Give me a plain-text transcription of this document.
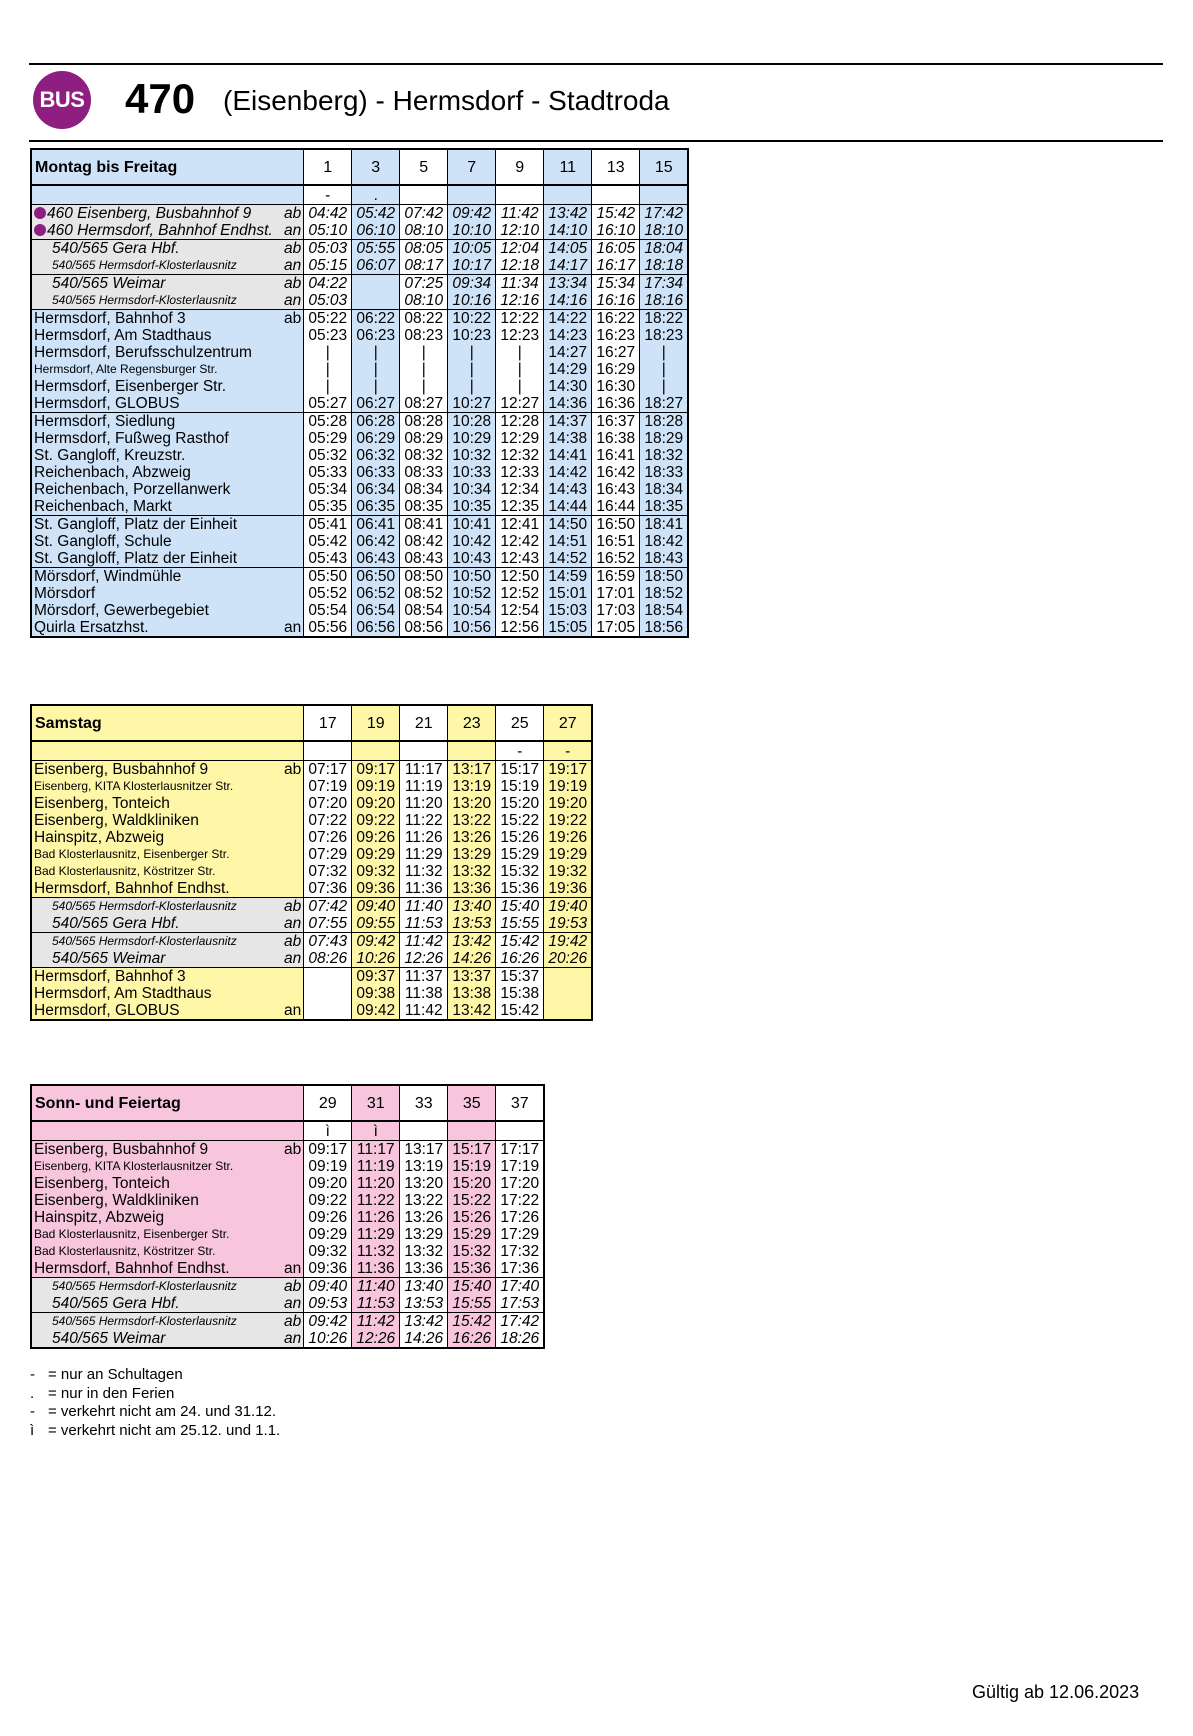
BUS 470 (Eisenberg) - Hermsdorf - Stadtroda
Montag bis Freitag		1	3	5	7	9	11	13	15
		-	.						
460 Eisenberg, Busbahnhof 9	ab	04:42	05:42	07:42	09:42	11:42	13:42	15:42	17:42
460 Hermsdorf, Bahnhof Endhst.	an	05:10	06:10	08:10	10:10	12:10	14:10	16:10	18:10
540/565 Gera Hbf.	ab	05:03	05:55	08:05	10:05	12:04	14:05	16:05	18:04
540/565 Hermsdorf-Klosterlausnitz	an	05:15	06:07	08:17	10:17	12:18	14:17	16:17	18:18
540/565 Weimar	ab	04:22		07:25	09:34	11:34	13:34	15:34	17:34
540/565 Hermsdorf-Klosterlausnitz	an	05:03		08:10	10:16	12:16	14:16	16:16	18:16
Hermsdorf, Bahnhof 3	ab	05:22	06:22	08:22	10:22	12:22	14:22	16:22	18:22
Hermsdorf, Am Stadthaus		05:23	06:23	08:23	10:23	12:23	14:23	16:23	18:23
Hermsdorf, Berufsschulzentrum		|	|	|	|	|	14:27	16:27	|
Hermsdorf, Alte Regensburger Str.		|	|	|	|	|	14:29	16:29	|
Hermsdorf, Eisenberger Str.		|	|	|	|	|	14:30	16:30	|
Hermsdorf, GLOBUS		05:27	06:27	08:27	10:27	12:27	14:36	16:36	18:27
Hermsdorf, Siedlung		05:28	06:28	08:28	10:28	12:28	14:37	16:37	18:28
Hermsdorf, Fußweg Rasthof		05:29	06:29	08:29	10:29	12:29	14:38	16:38	18:29
St. Gangloff, Kreuzstr.		05:32	06:32	08:32	10:32	12:32	14:41	16:41	18:32
Reichenbach, Abzweig		05:33	06:33	08:33	10:33	12:33	14:42	16:42	18:33
Reichenbach, Porzellanwerk		05:34	06:34	08:34	10:34	12:34	14:43	16:43	18:34
Reichenbach, Markt		05:35	06:35	08:35	10:35	12:35	14:44	16:44	18:35
St. Gangloff, Platz der Einheit		05:41	06:41	08:41	10:41	12:41	14:50	16:50	18:41
St. Gangloff, Schule		05:42	06:42	08:42	10:42	12:42	14:51	16:51	18:42
St. Gangloff, Platz der Einheit		05:43	06:43	08:43	10:43	12:43	14:52	16:52	18:43
Mörsdorf, Windmühle		05:50	06:50	08:50	10:50	12:50	14:59	16:59	18:50
Mörsdorf		05:52	06:52	08:52	10:52	12:52	15:01	17:01	18:52
Mörsdorf, Gewerbegebiet		05:54	06:54	08:54	10:54	12:54	15:03	17:03	18:54
Quirla Ersatzhst.	an	05:56	06:56	08:56	10:56	12:56	15:05	17:05	18:56
Samstag		17	19	21	23	25	27
						-	-
Eisenberg, Busbahnhof 9	ab	07:17	09:17	11:17	13:17	15:17	19:17
Eisenberg, KITA Klosterlausnitzer Str.		07:19	09:19	11:19	13:19	15:19	19:19
Eisenberg, Tonteich		07:20	09:20	11:20	13:20	15:20	19:20
Eisenberg, Waldkliniken		07:22	09:22	11:22	13:22	15:22	19:22
Hainspitz, Abzweig		07:26	09:26	11:26	13:26	15:26	19:26
Bad Klosterlausnitz, Eisenberger Str.		07:29	09:29	11:29	13:29	15:29	19:29
Bad Klosterlausnitz, Köstritzer Str.		07:32	09:32	11:32	13:32	15:32	19:32
Hermsdorf, Bahnhof Endhst.		07:36	09:36	11:36	13:36	15:36	19:36
540/565 Hermsdorf-Klosterlausnitz	ab	07:42	09:40	11:40	13:40	15:40	19:40
540/565 Gera Hbf.	an	07:55	09:55	11:53	13:53	15:55	19:53
540/565 Hermsdorf-Klosterlausnitz	ab	07:43	09:42	11:42	13:42	15:42	19:42
540/565 Weimar	an	08:26	10:26	12:26	14:26	16:26	20:26
Hermsdorf, Bahnhof 3			09:37	11:37	13:37	15:37	
Hermsdorf, Am Stadthaus			09:38	11:38	13:38	15:38	
Hermsdorf, GLOBUS	an		09:42	11:42	13:42	15:42	
Sonn- und Feiertag		29	31	33	35	37
		ì	ì			
Eisenberg, Busbahnhof 9	ab	09:17	11:17	13:17	15:17	17:17
Eisenberg, KITA Klosterlausnitzer Str.		09:19	11:19	13:19	15:19	17:19
Eisenberg, Tonteich		09:20	11:20	13:20	15:20	17:20
Eisenberg, Waldkliniken		09:22	11:22	13:22	15:22	17:22
Hainspitz, Abzweig		09:26	11:26	13:26	15:26	17:26
Bad Klosterlausnitz, Eisenberger Str.		09:29	11:29	13:29	15:29	17:29
Bad Klosterlausnitz, Köstritzer Str.		09:32	11:32	13:32	15:32	17:32
Hermsdorf, Bahnhof Endhst.	an	09:36	11:36	13:36	15:36	17:36
540/565 Hermsdorf-Klosterlausnitz	ab	09:40	11:40	13:40	15:40	17:40
540/565 Gera Hbf.	an	09:53	11:53	13:53	15:55	17:53
540/565 Hermsdorf-Klosterlausnitz	ab	09:42	11:42	13:42	15:42	17:42
540/565 Weimar	an	10:26	12:26	14:26	16:26	18:26
- = nur an Schultagen
. = nur in den Ferien
- = verkehrt nicht am 24. und 31.12.
ì = verkehrt nicht am 25.12. und 1.1.
Gültig ab 12.06.2023
